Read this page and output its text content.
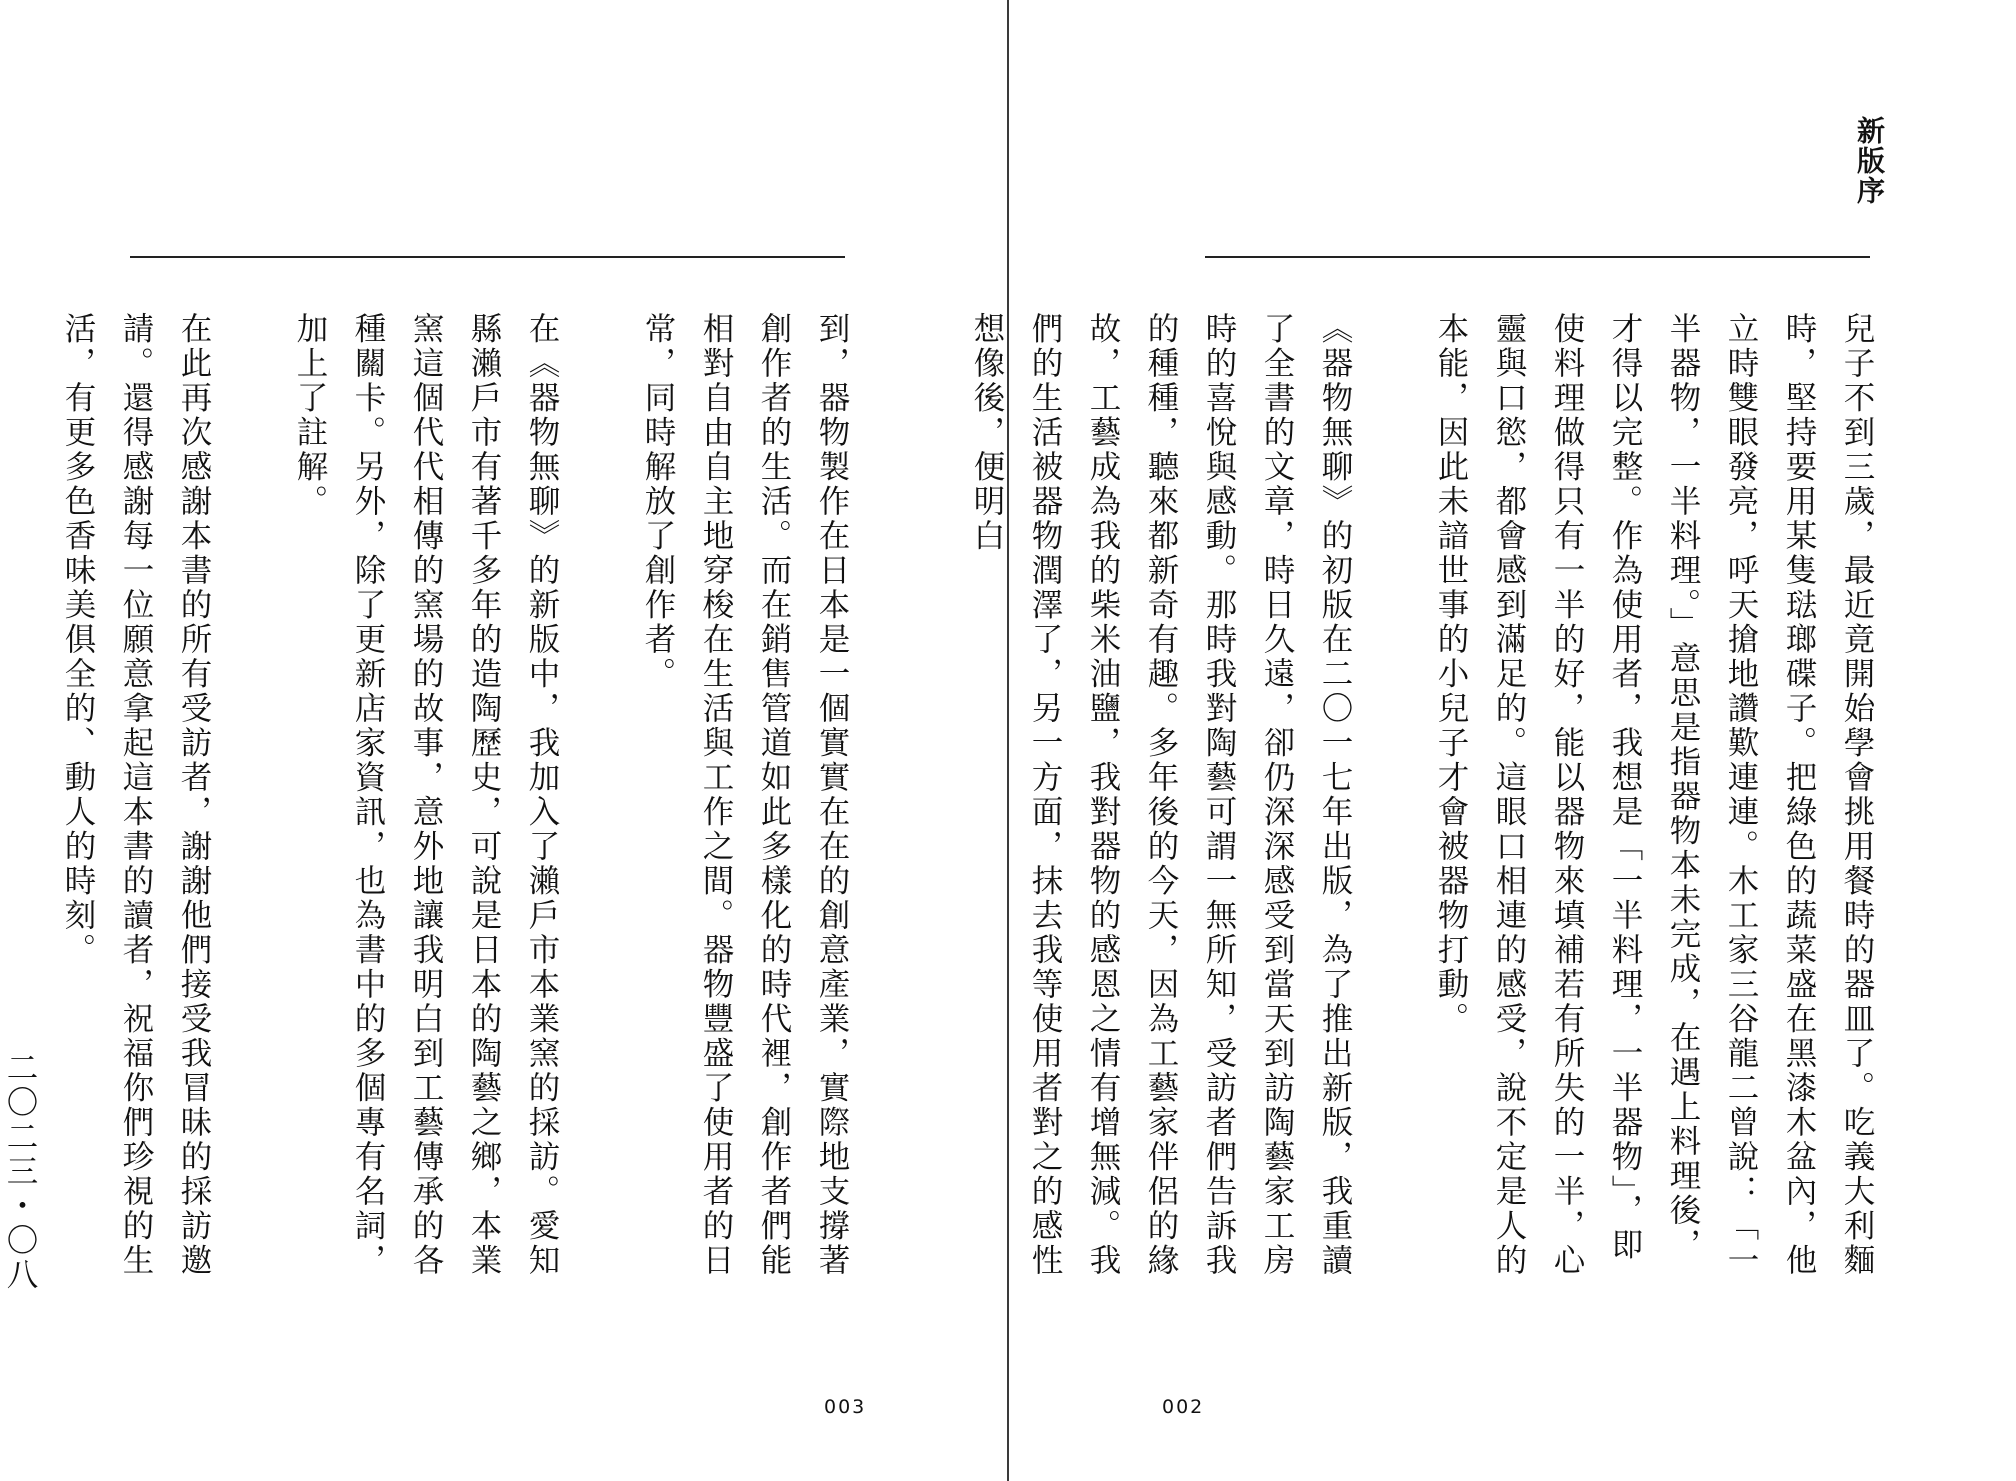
新版序

兒子不到三歲，最近竟開始學會挑用餐時的器皿了。吃義大利麵時，堅持要用某隻琺瑯碟子。把綠色的蔬菜盛在黑漆木盆內，他立時雙眼發亮，呼天搶地讚歎連連。木工家三谷龍二曾說：「一半器物，一半料理。」意思是指器物本未完成，在遇上料理後，才得以完整。作為使用者，我想是「一半料理，一半器物」，即使料理做得只有一半的好，能以器物來填補若有所失的一半，心靈與口慾，都會感到滿足的。這眼口相連的感受，說不定是人的本能，因此未諳世事的小兒子才會被器物打動。

《器物無聊》的初版在二〇一七年出版，為了推出新版，我重讀了全書的文章，時日久遠，卻仍深深感受到當天到訪陶藝家工房時的喜悅與感動。那時我對陶藝可謂一無所知，受訪者們告訴我的種種，聽來都新奇有趣。多年後的今天，因為工藝家伴侶的緣故，工藝成為我的柴米油鹽，我對器物的感恩之情有增無減。我們的生活被器物潤澤了，另一方面，抹去我等使用者對之的感性想像後，便明白

002

到，器物製作在日本是一個實實在在的創意產業，實際地支撐著創作者的生活。而在銷售管道如此多樣化的時代裡，創作者們能相對自由自主地穿梭在生活與工作之間。器物豐盛了使用者的日常，同時解放了創作者。

在《器物無聊》的新版中，我加入了瀨戶市本業窯的採訪。愛知縣瀨戶市有著千多年的造陶歷史，可說是日本的陶藝之鄉，本業窯這個代代相傳的窯場的故事，意外地讓我明白到工藝傳承的各種關卡。另外，除了更新店家資訊，也為書中的多個專有名詞，加上了註解。

在此再次感謝本書的所有受訪者，謝謝他們接受我冒昧的採訪邀請。還得感謝每一位願意拿起這本書的讀者，祝福你們珍視的生活，有更多色香味美俱全的、動人的時刻。

二〇二三・〇八

003
